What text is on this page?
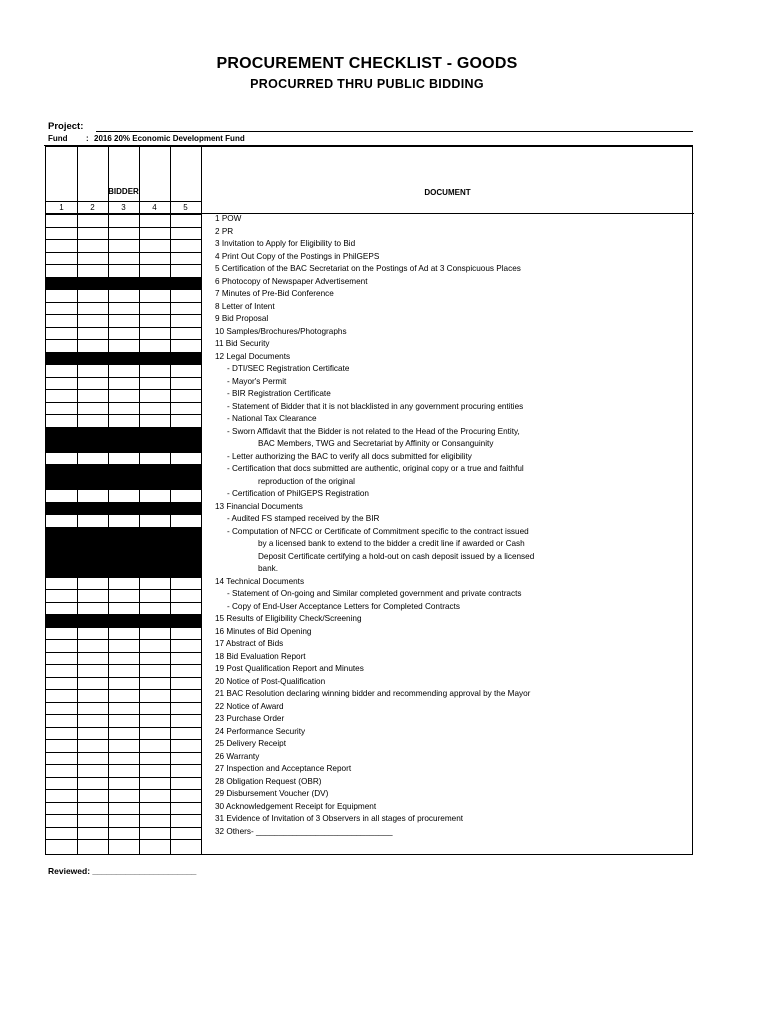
PROCUREMENT CHECKLIST - GOODS
PROCURRED THRU PUBLIC BIDDING
Project:
Fund : 2016 20% Economic Development Fund
BIDDER	DOCUMENT
1	2	3	4	5
1 POW
2 PR
3 Invitation to Apply for Eligibility to Bid
4 Print Out Copy of the Postings in PhilGEPS
5 Certification of the BAC Secretariat on the Postings of Ad at 3 Conspicuous Places
6 Photocopy of Newspaper Advertisement
7 Minutes of Pre-Bid Conference
8 Letter of Intent
9 Bid Proposal
10 Samples/Brochures/Photographs
11 Bid Security
12 Legal Documents
- DTI/SEC Registration Certificate
- Mayor's Permit
- BIR Registration Certificate
- Statement of Bidder that it is not blacklisted in any government procuring entities
- National Tax Clearance
- Sworn Affidavit that the Bidder is not related to the Head of the Procuring Entity,
BAC Members, TWG and Secretariat by Affinity or Consanguinity
- Letter authorizing the BAC to verify all docs submitted for eligibility
- Certification that docs submitted are authentic, original copy or a true and faithful
reproduction of the original
- Certification of PhilGEPS Registration
13 Financial Documents
- Audited FS stamped received by the BIR
- Computation of NFCC or Certificate of Commitment specific to the contract issued
by a licensed bank to extend to the bidder a credit line if awarded or Cash
Deposit Certificate certifying a hold-out on cash deposit issued by a licensed
bank.
14 Technical Documents
- Statement of On-going and Similar completed government and private contracts
- Copy of End-User Acceptance Letters for Completed Contracts
15 Results of Eligibility Check/Screening
16 Minutes of Bid Opening
17 Abstract of Bids
18 Bid Evaluation Report
19 Post Qualification Report and Minutes
20 Notice of Post-Qualification
21 BAC Resolution declaring winning bidder and recommending approval by the Mayor
22 Notice of Award
23 Purchase Order
24 Performance Security
25 Delivery Receipt
26 Warranty
27 Inspection and Acceptance Report
28 Obligation Request (OBR)
29 Disbursement Voucher (DV)
30 Acknowledgement Receipt for Equipment
31 Evidence of Invitation of 3 Observers in all stages of procurement
32 Others- ______________________________
Reviewed: ______________________
